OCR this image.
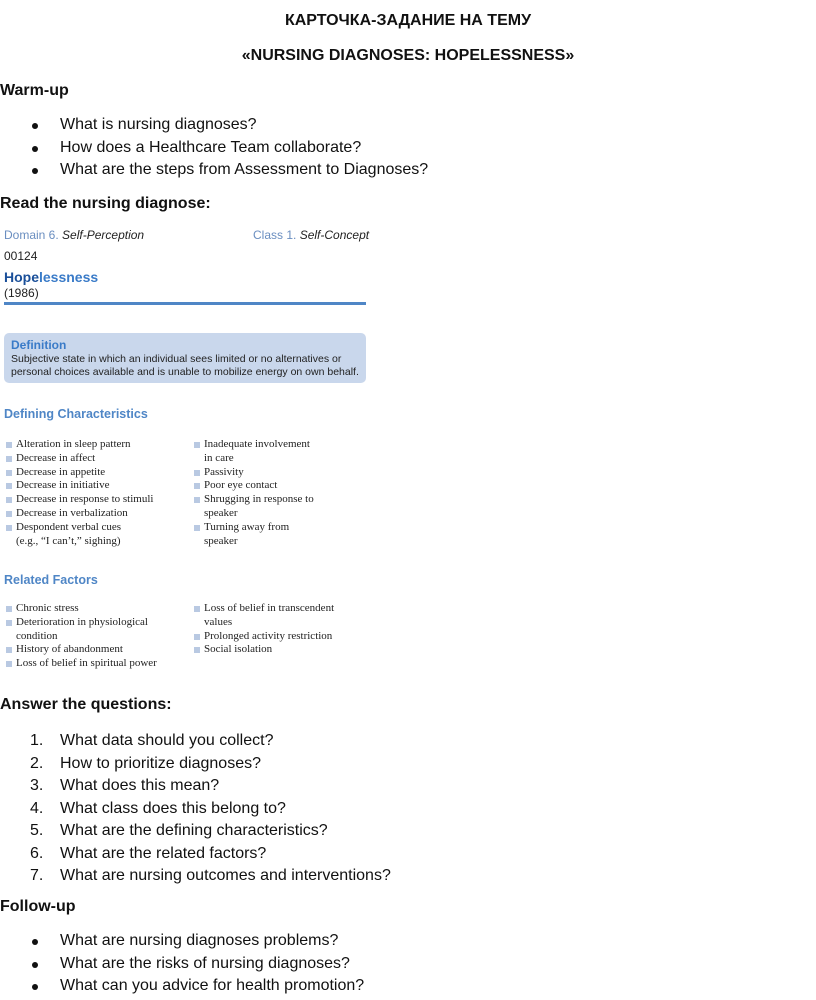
КАРТОЧКА-ЗАДАНИЕ НА ТЕМУ
«NURSING DIAGNOSES: HOPELESSNESS»
Warm-up
What is nursing diagnoses?
How does a Healthcare Team collaborate?
What are the steps from Assessment to Diagnoses?
Read the nursing diagnose:
Domain 6. Self-Perception	Class 1. Self-Concept
00124
Hopelessness
(1986)
Definition
Subjective state in which an individual sees limited or no alternatives or personal choices available and is unable to mobilize energy on own behalf.
Defining Characteristics
Alteration in sleep pattern
Decrease in affect
Decrease in appetite
Decrease in initiative
Decrease in response to stimuli
Decrease in verbalization
Despondent verbal cues
(e.g., “I can’t,” sighing)
Inadequate involvement
in care
Passivity
Poor eye contact
Shrugging in response to
speaker
Turning away from
speaker
Related Factors
Chronic stress
Deterioration in physiological
condition
History of abandonment
Loss of belief in spiritual power
Loss of belief in transcendent
values
Prolonged activity restriction
Social isolation
Answer the questions:
1. What data should you collect?
2. How to prioritize diagnoses?
3. What does this mean?
4. What class does this belong to?
5. What are the defining characteristics?
6. What are the related factors?
7. What are nursing outcomes and interventions?
Follow-up
What are nursing diagnoses problems?
What are the risks of nursing diagnoses?
What can you advice for health promotion?
